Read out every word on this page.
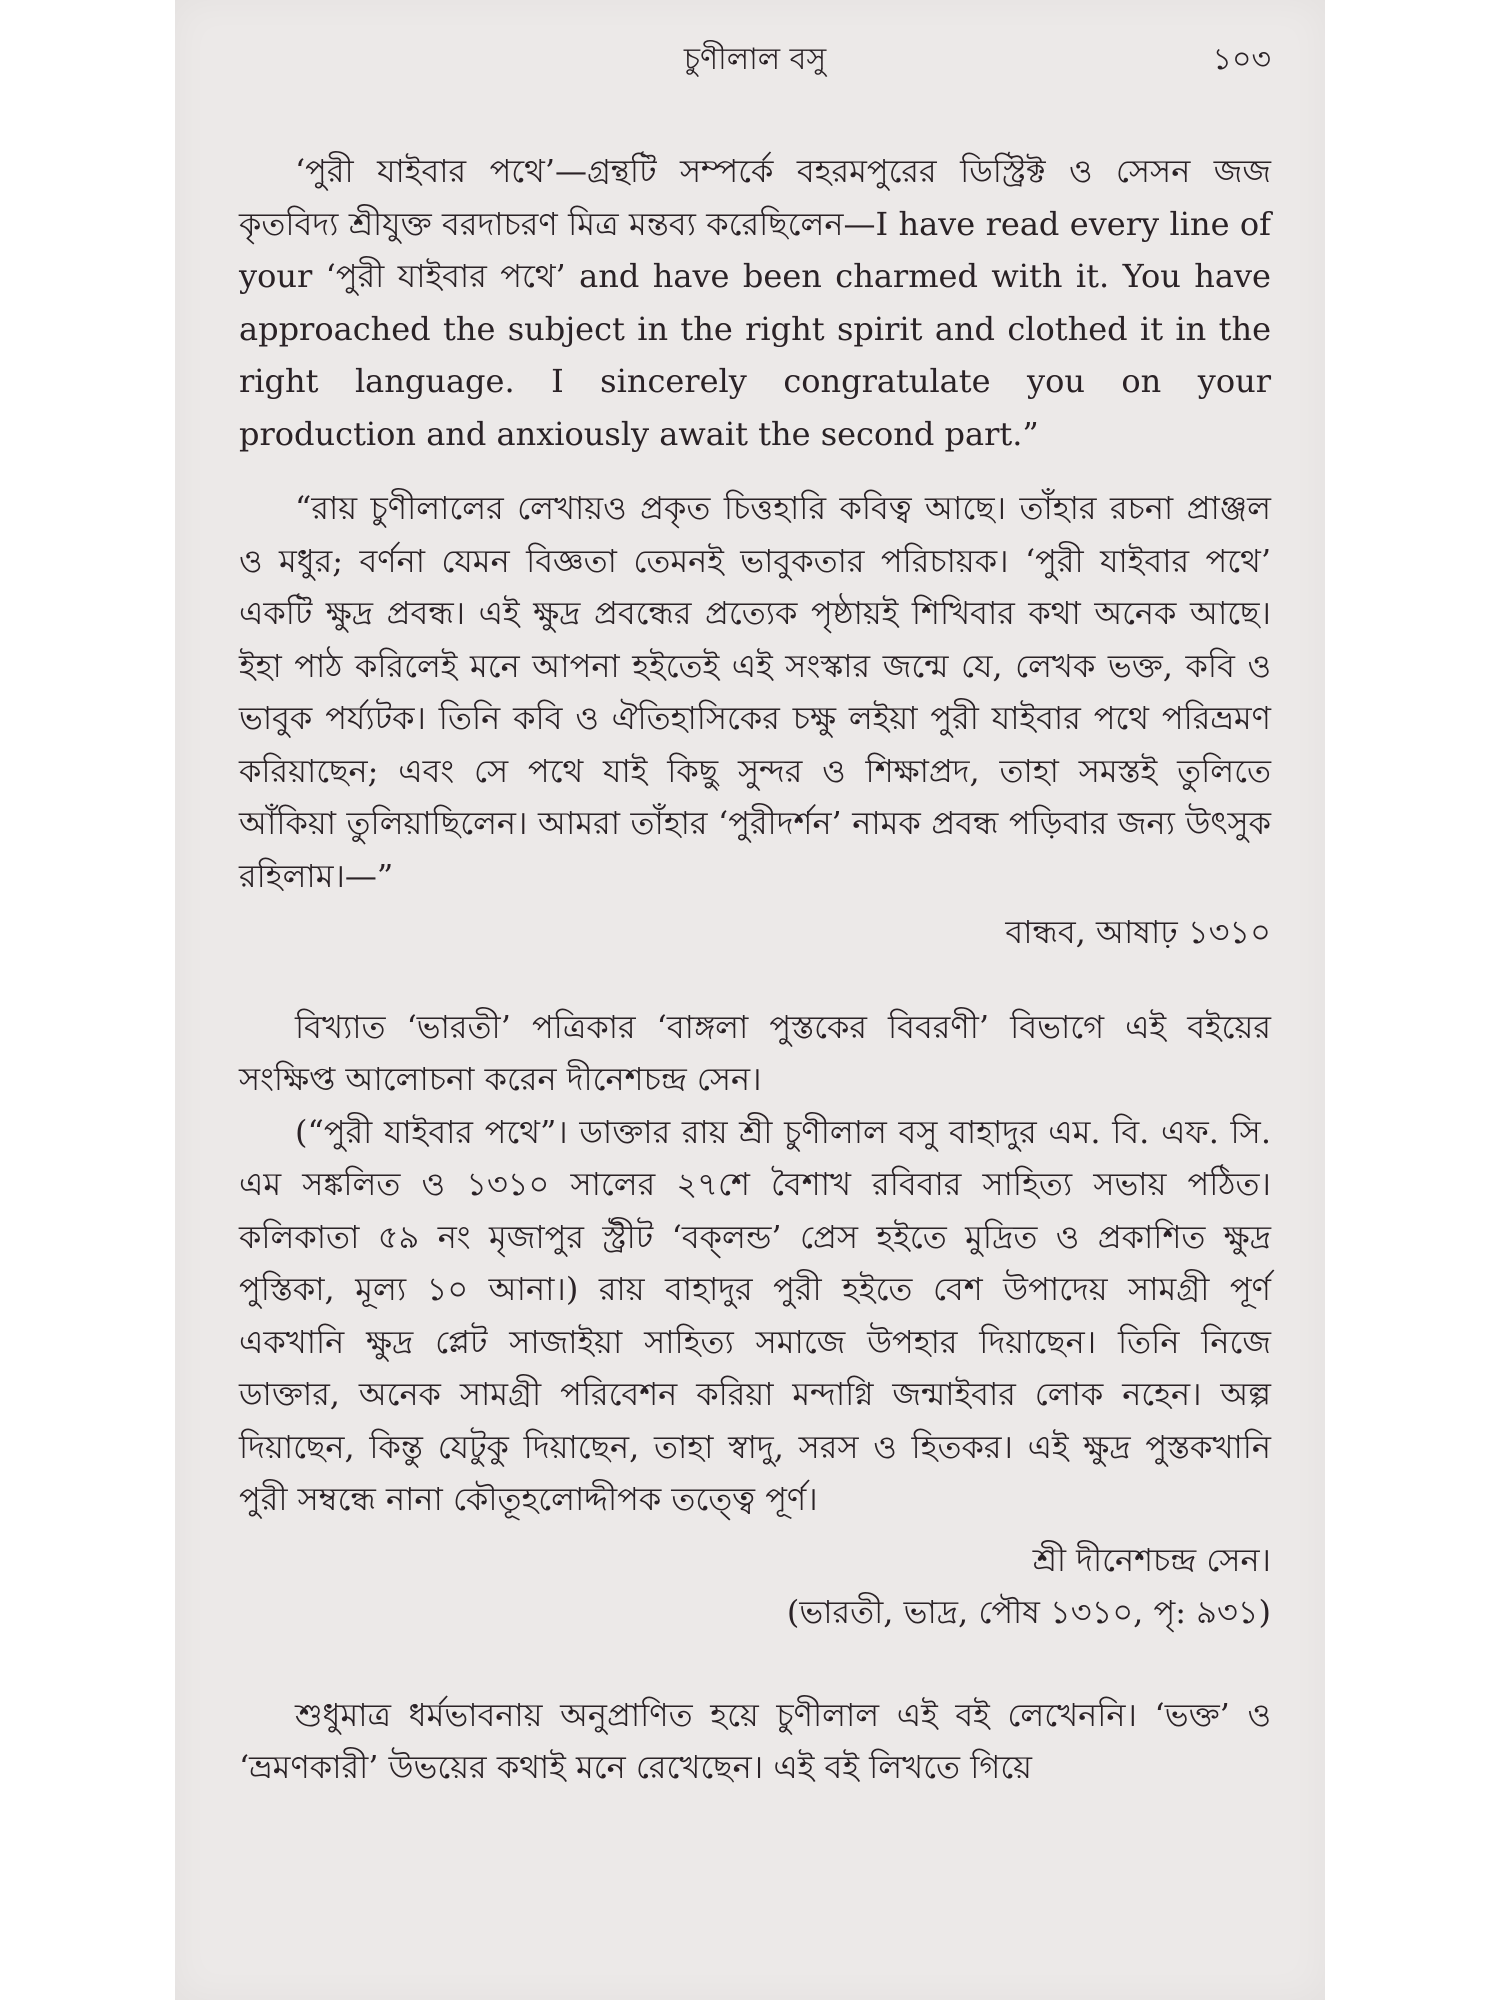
চুণীলাল বসু	১০৩

‘পুরী যাইবার পথে’—গ্রন্থটি সম্পর্কে বহরমপুরের ডিস্ট্রিক্ট ও সেসন জজ কৃতবিদ্য শ্রীযুক্ত বরদাচরণ মিত্র মন্তব্য করেছিলেন—I have read every line of your ‘পুরী যাইবার পথে’ and have been charmed with it. You have approached the subject in the right spirit and clothed it in the right language. I sincerely congratulate you on your production and anxiously await the second part.”

“রায় চুণীলালের লেখায়ও প্রকৃত চিত্তহারি কবিত্ব আছে। তাঁহার রচনা প্রাঞ্জল ও মধুর; বর্ণনা যেমন বিজ্ঞতা তেমনই ভাবুকতার পরিচায়ক। ‘পুরী যাইবার পথে’ একটি ক্ষুদ্র প্রবন্ধ। এই ক্ষুদ্র প্রবন্ধের প্রত্যেক পৃষ্ঠায়ই শিখিবার কথা অনেক আছে। ইহা পাঠ করিলেই মনে আপনা হইতেই এই সংস্কার জন্মে যে, লেখক ভক্ত, কবি ও ভাবুক পর্য্যটক। তিনি কবি ও ঐতিহাসিকের চক্ষু লইয়া পুরী যাইবার পথে পরিভ্রমণ করিয়াছেন; এবং সে পথে যাই কিছু সুন্দর ও শিক্ষাপ্রদ, তাহা সমস্তই তুলিতে আঁকিয়া তুলিয়াছিলেন। আমরা তাঁহার ‘পুরীদর্শন’ নামক প্রবন্ধ পড়িবার জন্য উৎসুক রহিলাম।—”

বান্ধব, আষাঢ় ১৩১০

বিখ্যাত ‘ভারতী’ পত্রিকার ‘বাঙ্গলা পুস্তকের বিবরণী’ বিভাগে এই বইয়ের সংক্ষিপ্ত আলোচনা করেন দীনেশচন্দ্র সেন।

(“পুরী যাইবার পথে”। ডাক্তার রায় শ্রী চুণীলাল বসু বাহাদুর এম. বি. এফ. সি. এম সঙ্কলিত ও ১৩১০ সালের ২৭শে বৈশাখ রবিবার সাহিত্য সভায় পঠিত। কলিকাতা ৫৯ নং মৃজাপুর স্ট্রীট ‘বক্‌লন্ড’ প্রেস হইতে মুদ্রিত ও প্রকাশিত ক্ষুদ্র পুস্তিকা, মূল্য ১০ আনা।) রায় বাহাদুর পুরী হইতে বেশ উপাদেয় সামগ্রী পূর্ণ একখানি ক্ষুদ্র প্লেট সাজাইয়া সাহিত্য সমাজে উপহার দিয়াছেন। তিনি নিজে ডাক্তার, অনেক সামগ্রী পরিবেশন করিয়া মন্দাগ্নি জন্মাইবার লোক নহেন। অল্প দিয়াছেন, কিন্তু যেটুকু দিয়াছেন, তাহা স্বাদু, সরস ও হিতকর। এই ক্ষুদ্র পুস্তকখানি পুরী সম্বন্ধে নানা কৌতূহলোদ্দীপক তত্ত্বে পূর্ণ।

শ্রী দীনেশচন্দ্র সেন।
(ভারতী, ভাদ্র, পৌষ ১৩১০, পৃ: ৯৩১)

শুধুমাত্র ধর্মভাবনায় অনুপ্রাণিত হয়ে চুণীলাল এই বই লেখেননি। ‘ভক্ত’ ও ‘ভ্রমণকারী’ উভয়ের কথাই মনে রেখেছেন। এই বই লিখতে গিয়ে
